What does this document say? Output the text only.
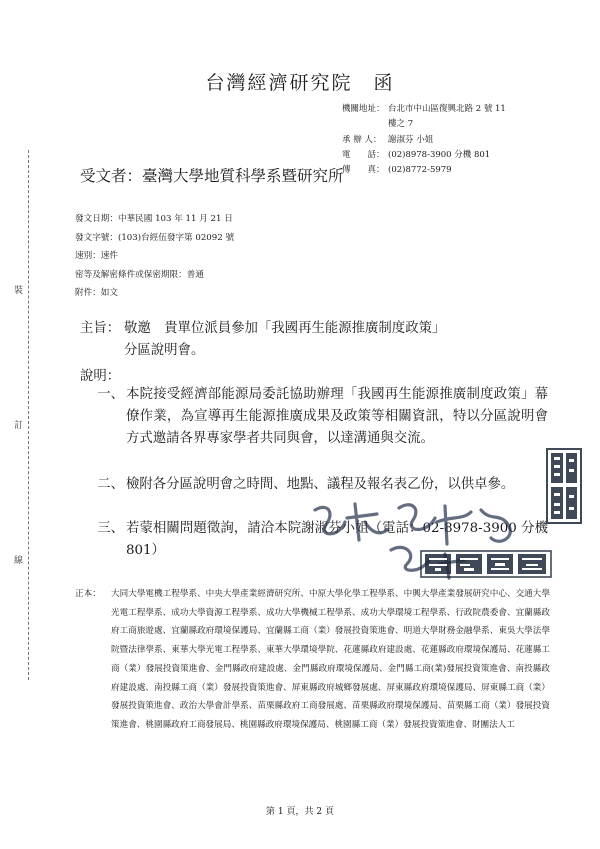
台灣經濟研究院　函
機關地址： 台北市中山區復興北路 2 號 11
樓之 7
承 辦 人： 謝淑芬 小姐
電　　話： (02)8978-3900 分機 801
傳　　真： (02)8772-5979
受文者：臺灣大學地質科學系暨研究所
發文日期：中華民國 103 年 11 月 21 日
發文字號：(103)台經伍發字第 02092 號
速別：速件
密等及解密條件或保密期限：普通
附件：如文
裝
訂
線
主旨： 敬邀　貴單位派員參加「我國再生能源推廣制度政策」
分區說明會。
說明：
一、 本院接受經濟部能源局委託協助辦理「我國再生能源推廣制度政策」幕僚作業，為宣導再生能源推廣成果及政策等相關資訊，特以分區說明會方式邀請各界專家學者共同與會，以達溝通與交流。
二、 檢附各分區說明會之時間、地點、議程及報名表乙份，以供卓參。
三、 若蒙相關問題徵詢，請洽本院謝淑芬小姐（電話：02-8978-3900 分機 801）
正本：	大同大學電機工程學系、中央大學產業經濟研究所、中原大學化學工程學系、中興大學產業發展研究中心、交通大學光電工程學系、成功大學資源工程學系、成功大學機械工程學系、成功大學環境工程學系、行政院農委會、宜蘭縣政府工商旅遊處、宜蘭縣政府環境保護局、宜蘭縣工商（業）發展投資策進會、明道大學財務金融學系、東吳大學法學院暨法律學系、東華大學光電工程學系、東華大學環境學院、花蓮縣政府建設處、花蓮縣政府環境保護局、花蓮縣工商（業）發展投資策進會、金門縣政府建設處、金門縣政府環境保護局、金門縣工商(業)發展投資策進會、南投縣政府建設處、南投縣工商（業）發展投資策進會、屏東縣政府城鄉發展處、屏東縣政府環境保護局、屏東縣工商（業）發展投資策進會、政治大學會計學系、苗栗縣政府工商發展處、苗栗縣政府環境保護局、苗栗縣工商（業）發展投資策進會、桃園縣政府工商發展局、桃園縣政府環境保護局、桃園縣工商（業）發展投資策進會、財團法人工
第 1 頁，共 2 頁
